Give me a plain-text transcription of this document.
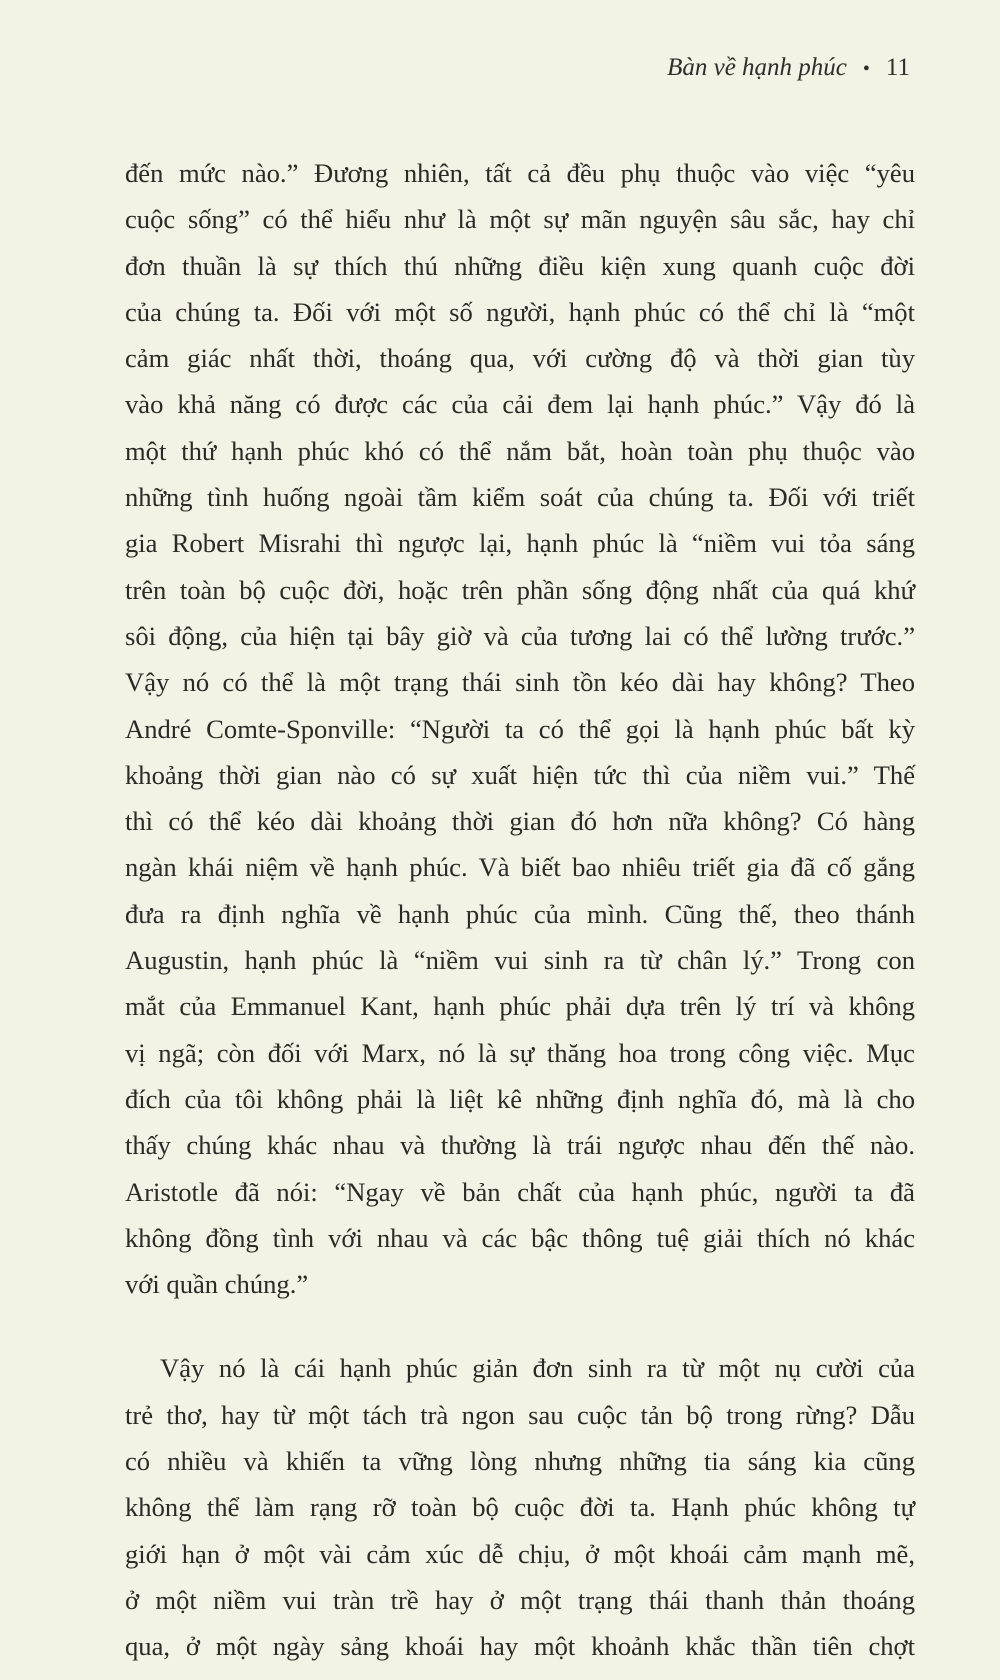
Bàn về hạnh phúc • 11
đến mức nào.” Đương nhiên, tất cả đều phụ thuộc vào việc “yêu
cuộc sống” có thể hiểu như là một sự mãn nguyện sâu sắc, hay chỉ
đơn thuần là sự thích thú những điều kiện xung quanh cuộc đời
của chúng ta. Đối với một số người, hạnh phúc có thể chỉ là “một
cảm giác nhất thời, thoáng qua, với cường độ và thời gian tùy
vào khả năng có được các của cải đem lại hạnh phúc.” Vậy đó là
một thứ hạnh phúc khó có thể nắm bắt, hoàn toàn phụ thuộc vào
những tình huống ngoài tầm kiểm soát của chúng ta. Đối với triết
gia Robert Misrahi thì ngược lại, hạnh phúc là “niềm vui tỏa sáng
trên toàn bộ cuộc đời, hoặc trên phần sống động nhất của quá khứ
sôi động, của hiện tại bây giờ và của tương lai có thể lường trước.”
Vậy nó có thể là một trạng thái sinh tồn kéo dài hay không? Theo
André Comte-Sponville: “Người ta có thể gọi là hạnh phúc bất kỳ
khoảng thời gian nào có sự xuất hiện tức thì của niềm vui.” Thế
thì có thể kéo dài khoảng thời gian đó hơn nữa không? Có hàng
ngàn khái niệm về hạnh phúc. Và biết bao nhiêu triết gia đã cố gắng
đưa ra định nghĩa về hạnh phúc của mình. Cũng thế, theo thánh
Augustin, hạnh phúc là “niềm vui sinh ra từ chân lý.” Trong con
mắt của Emmanuel Kant, hạnh phúc phải dựa trên lý trí và không
vị ngã; còn đối với Marx, nó là sự thăng hoa trong công việc. Mục
đích của tôi không phải là liệt kê những định nghĩa đó, mà là cho
thấy chúng khác nhau và thường là trái ngược nhau đến thế nào.
Aristotle đã nói: “Ngay về bản chất của hạnh phúc, người ta đã
không đồng tình với nhau và các bậc thông tuệ giải thích nó khác
với quần chúng.”
Vậy nó là cái hạnh phúc giản đơn sinh ra từ một nụ cười của
trẻ thơ, hay từ một tách trà ngon sau cuộc tản bộ trong rừng? Dẫu
có nhiều và khiến ta vững lòng nhưng những tia sáng kia cũng
không thể làm rạng rỡ toàn bộ cuộc đời ta. Hạnh phúc không tự
giới hạn ở một vài cảm xúc dễ chịu, ở một khoái cảm mạnh mẽ,
ở một niềm vui tràn trề hay ở một trạng thái thanh thản thoáng
qua, ở một ngày sảng khoái hay một khoảnh khắc thần tiên chợt
